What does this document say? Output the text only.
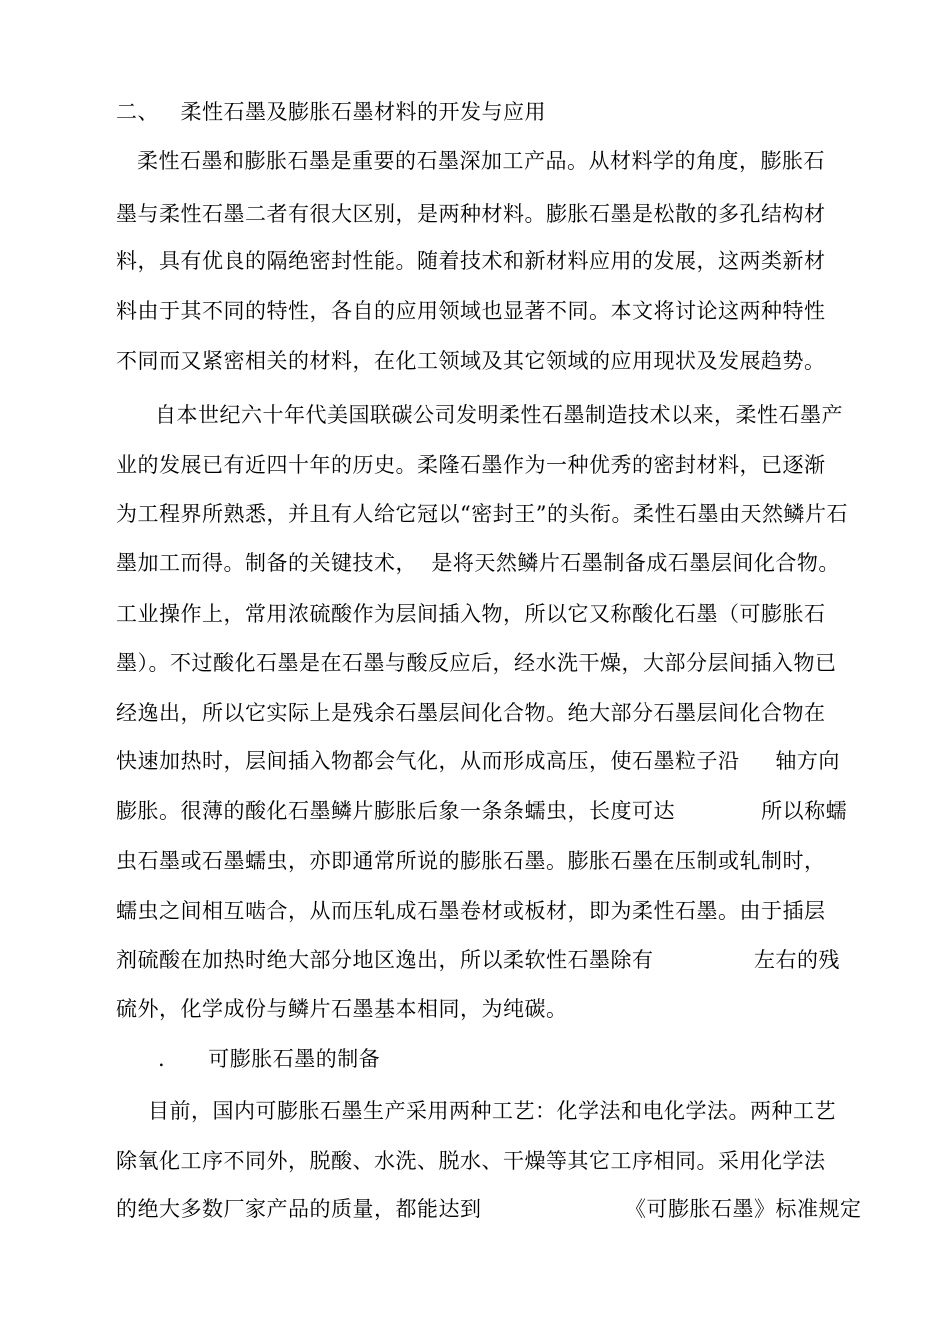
二、   柔性石墨及膨胀石墨材料的开发与应用
柔性石墨和膨胀石墨是重要的石墨深加工产品。从材料学的角度，膨胀石
墨与柔性石墨二者有很大区别，是两种材料。膨胀石墨是松散的多孔结构材
料，具有优良的隔绝密封性能。随着技术和新材料应用的发展，这两类新材
料由于其不同的特性，各自的应用领域也显著不同。本文将讨论这两种特性
不同而又紧密相关的材料，在化工领域及其它领域的应用现状及发展趋势。
自本世纪六十年代美国联碳公司发明柔性石墨制造技术以来，柔性石墨产
业的发展已有近四十年的历史。柔隆石墨作为一种优秀的密封材料，已逐渐
为工程界所熟悉，并且有人给它冠以“密封王”的头衔。柔性石墨由天然鳞片石
墨加工而得。制备的关键技术，  是将天然鳞片石墨制备成石墨层间化合物。
工业操作上，常用浓硫酸作为层间插入物，所以它又称酸化石墨（可膨胀石
墨）。不过酸化石墨是在石墨与酸反应后，经水洗干燥，大部分层间插入物已
经逸出，所以它实际上是残余石墨层间化合物。绝大部分石墨层间化合物在
快速加热时，层间插入物都会气化，从而形成高压，使石墨粒子沿     轴方向
膨胀。很薄的酸化石墨鳞片膨胀后象一条条蠕虫，长度可达            所以称蠕
虫石墨或石墨蠕虫，亦即通常所说的膨胀石墨。膨胀石墨在压制或轧制时，
蠕虫之间相互啮合，从而压轧成石墨卷材或板材，即为柔性石墨。由于插层
剂硫酸在加热时绝大部分地区逸出，所以柔软性石墨除有              左右的残
硫外，化学成份与鳞片石墨基本相同，为纯碳。
.      可膨胀石墨的制备
目前，国内可膨胀石墨生产采用两种工艺：化学法和电化学法。两种工艺
除氧化工序不同外，脱酸、水洗、脱水、干燥等其它工序相同。采用化学法
的绝大多数厂家产品的质量，都能达到                    《可膨胀石墨》标准规定
